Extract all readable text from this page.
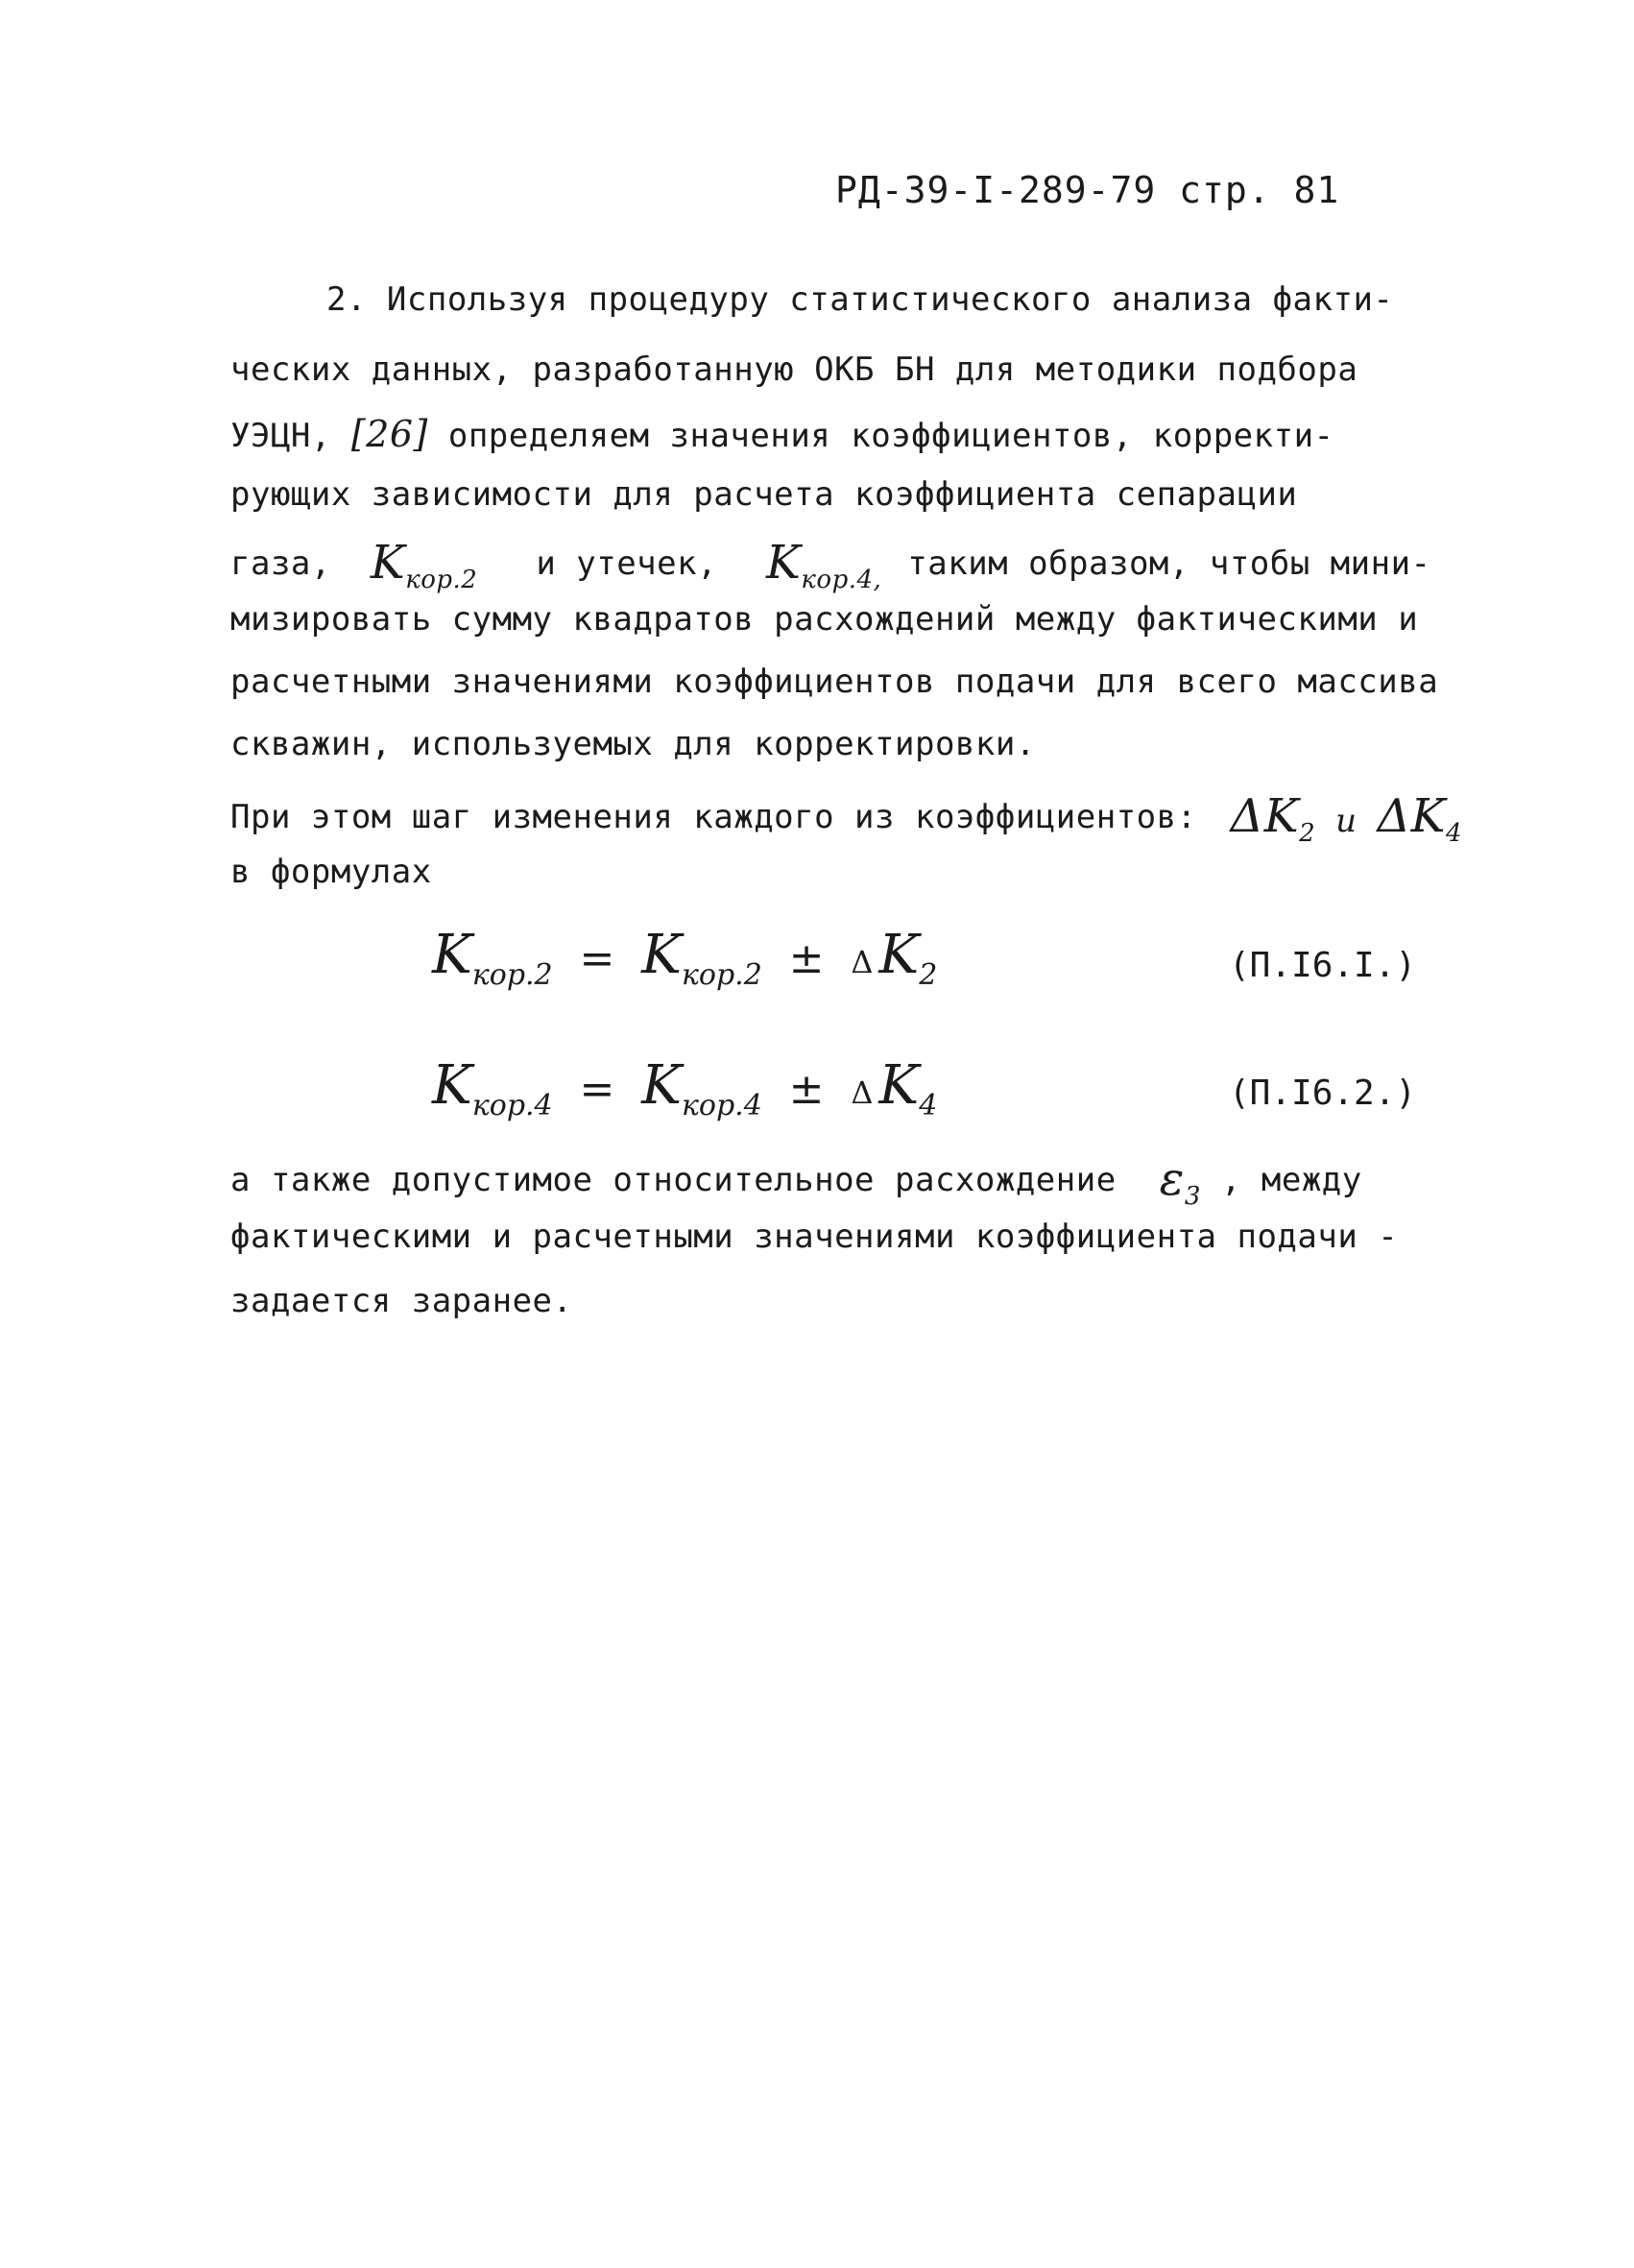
РД-39-I-289-79 стр. 81
2. Используя процедуру статистического анализа факти-
ческих данных, разработанную ОКБ БН для методики подбора
УЭЦН, [26] определяем значения коэффициентов, корректи-
рующих зависимости для расчета коэффициента сепарации
газа, $K_{кор.2}$ и утечек, $K_{кор.4,}$ таким образом, чтобы мини-
мизировать сумму квадратов расхождений между фактическими и
расчетными значениями коэффициентов подачи для всего массива
скважин, используемых для корректировки.
При этом шаг изменения каждого из коэффициентов: $\Delta K_2$ и $\Delta K_4$
в формулах
$K_{кор.2} = K_{кор.2} \pm \Delta$ $K_2$	(П.I6.I.)
$K_{кор.4} = K_{кор.4} \pm \Delta$ $K_4$	(П.I6.2.)
а также допустимое относительное расхождение $\varepsilon_3$ , между
фактическими и расчетными значениями коэффициента подачи -
задается заранее.
